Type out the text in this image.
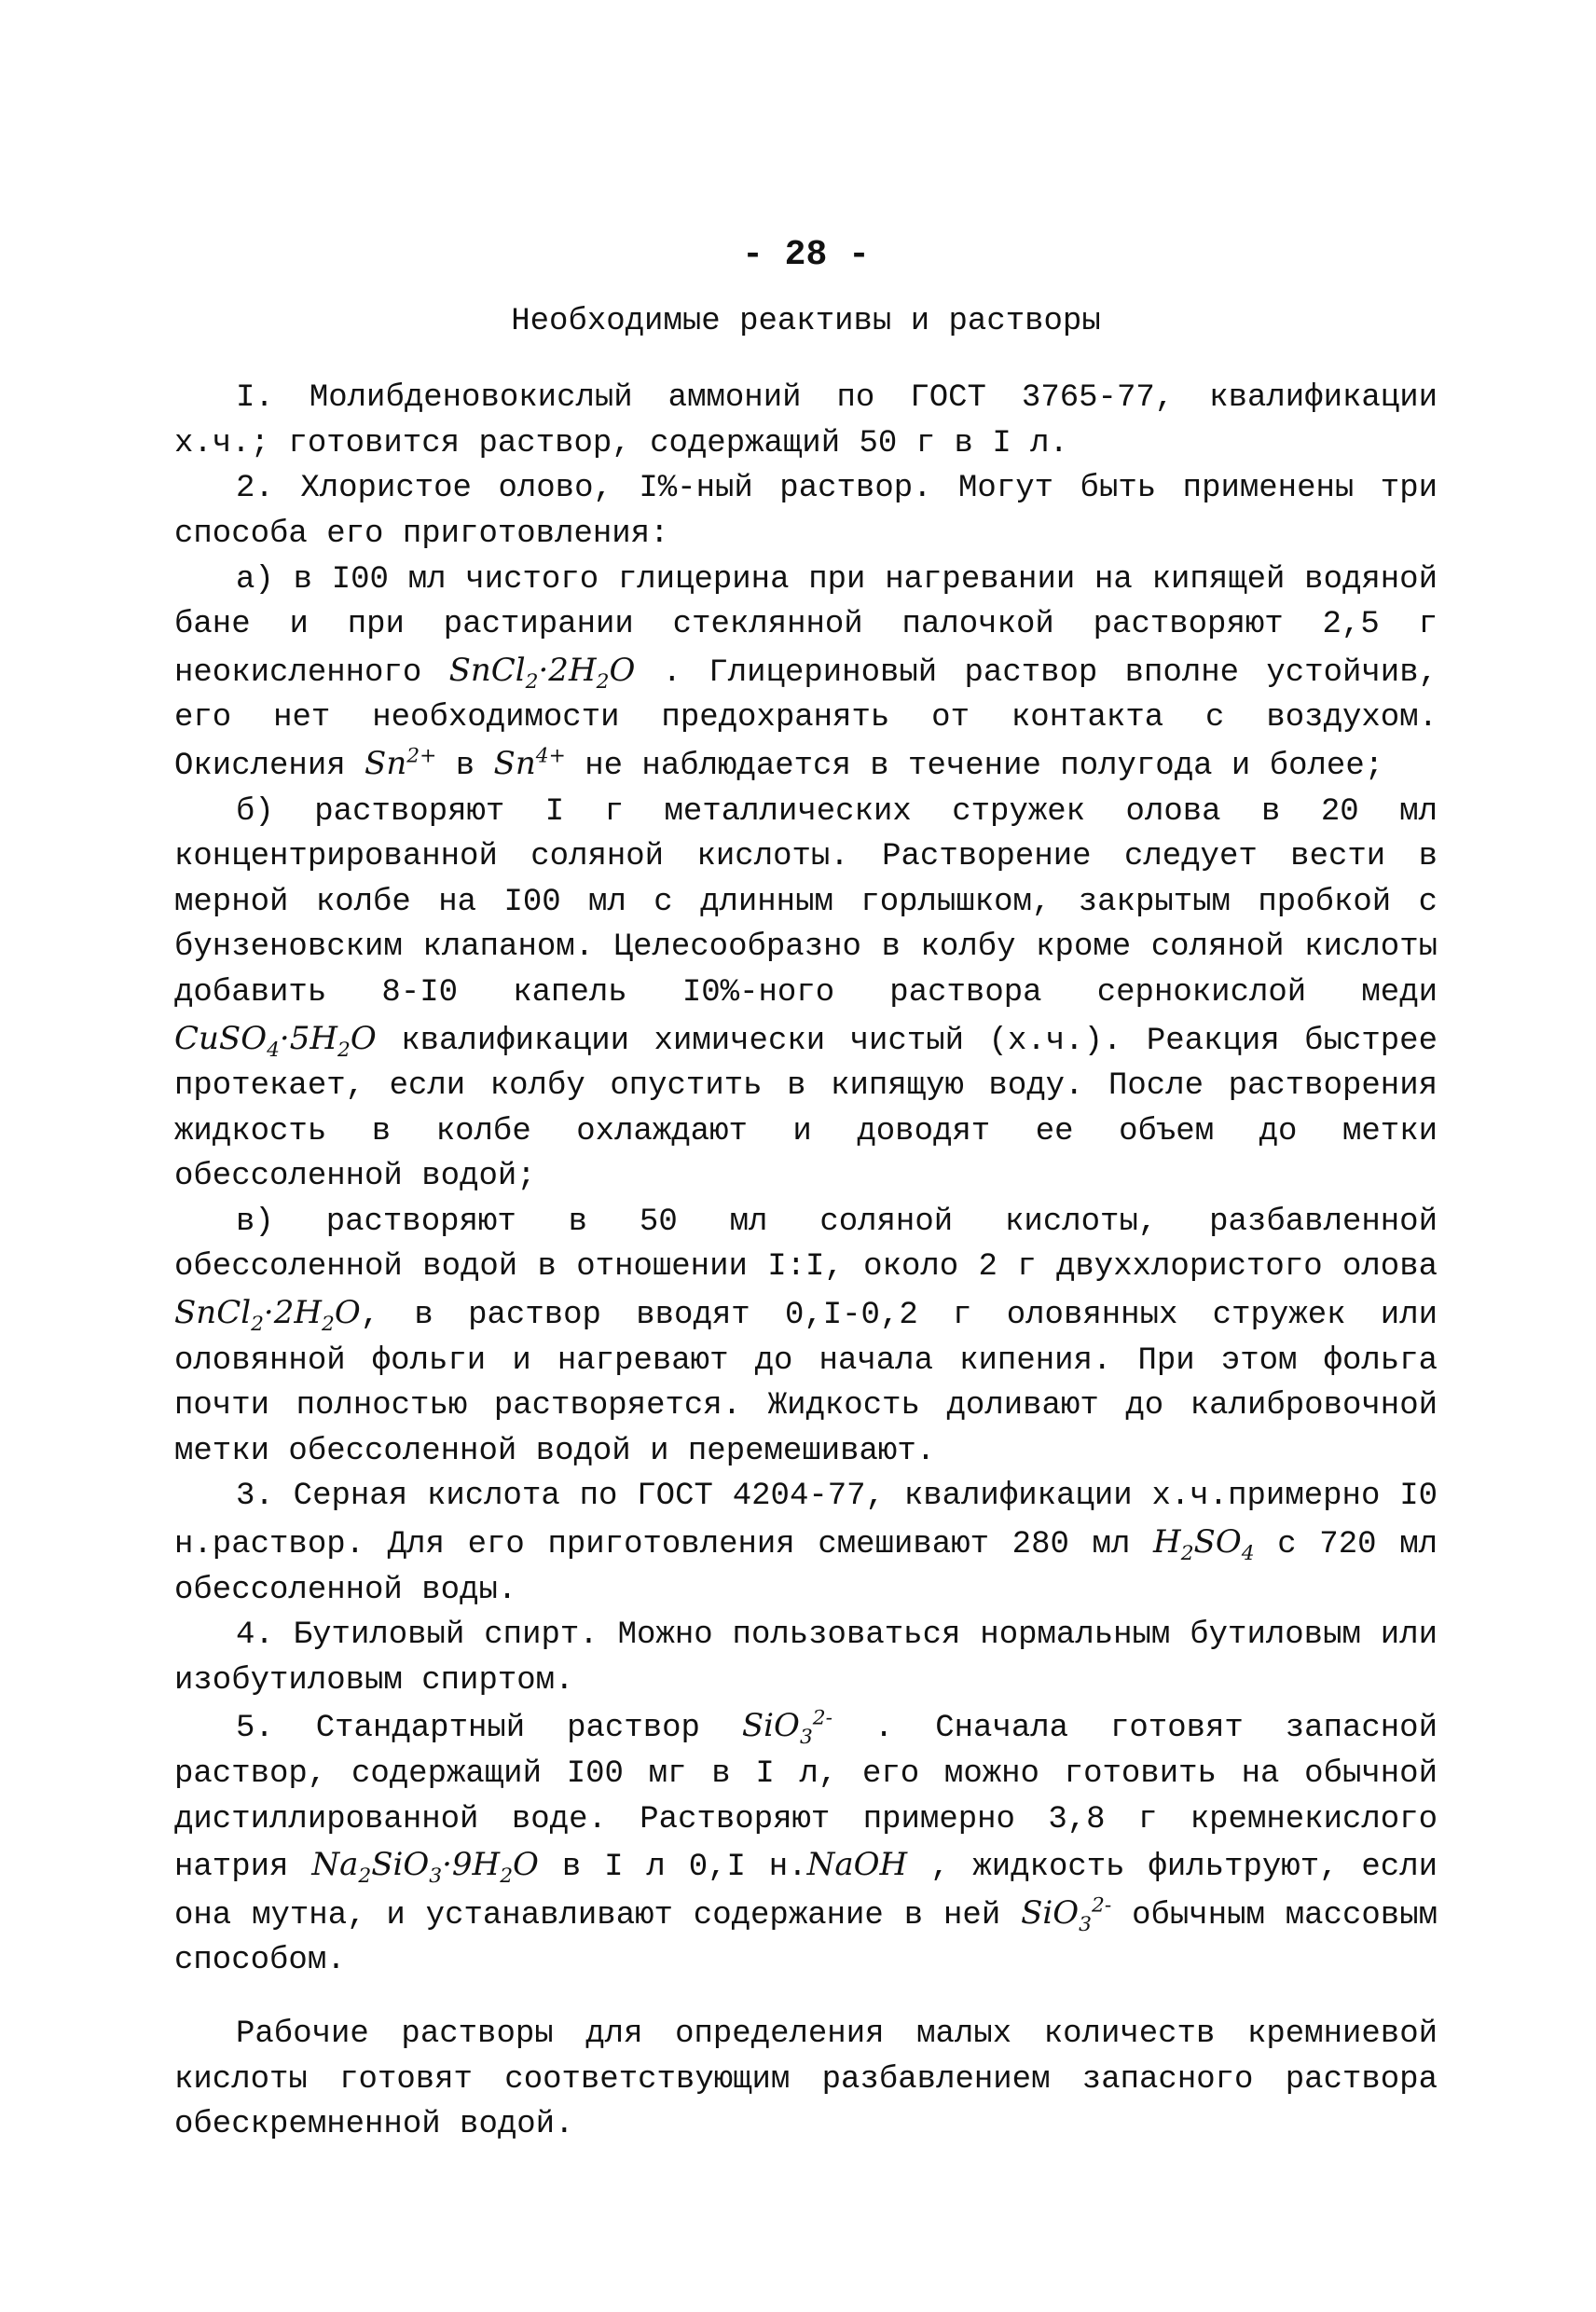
- 28 -
Необходимые реактивы и растворы

I. Молибденовокислый аммоний по ГОСТ 3765-77, квалификации х.ч.; готовится раствор, содержащий 50 г в I л.

2. Хлористое олово, I%-ный раствор. Могут быть применены три способа его приготовления:

а) в I00 мл чистого глицерина при нагревании на кипящей водяной бане и при растирании стеклянной палочкой растворяют 2,5 г неокисленного $SnCl_2\cdot 2H_2O$ . Глицериновый раствор вполне устойчив, его нет необходимости предохранять от контакта с воздухом. Окисления $Sn^{2+}$ в $Sn^{4+}$ не наблюдается в течение полугода и более;

б) растворяют I г металлических стружек олова в 20 мл концентрированной соляной кислоты. Растворение следует вести в мерной колбе на I00 мл с длинным горлышком, закрытым пробкой с бунзеновским клапаном. Целесообразно в колбу кроме соляной кислоты добавить 8-I0 капель I0%-ного раствора сернокислой меди $CuSO_4\cdot 5H_2O$ квалификации химически чистый (х.ч.). Реакция быстрее протекает, если колбу опустить в кипящую воду. После растворения жидкость в колбе охлаждают и доводят ее объем до метки обессоленной водой;

в) растворяют в 50 мл соляной кислоты, разбавленной обессоленной водой в отношении I:I, около 2 г двуххлористого олова $SnCl_2\cdot 2H_2O$, в раствор вводят 0,I-0,2 г оловянных стружек или оловянной фольги и нагревают до начала кипения. При этом фольга почти полностью растворяется. Жидкость доливают до калибровочной метки обессоленной водой и перемешивают.

3. Серная кислота по ГОСТ 4204-77, квалификации х.ч.примерно I0 н.раствор. Для его приготовления смешивают 280 мл $H_2SO_4$ с 720 мл обессоленной воды.

4. Бутиловый спирт. Можно пользоваться нормальным бутиловым или изобутиловым спиртом.

5. Стандартный раствор SiO$_3^{2-}$ . Сначала готовят запасной раствор, содержащий I00 мг в I л, его можно готовить на обычной дистиллированной воде. Растворяют примерно 3,8 г кремнекислого натрия $Na_2SiO_3\cdot 9H_2O$ в I л 0,I н.NaOH , жидкость фильтруют, если она мутна, и устанавливают содержание в ней SiO$_3^{2-}$ обычным массовым способом.

Рабочие растворы для определения малых количеств кремниевой кислоты готовят соответствующим разбавлением запасного раствора обескремненной водой.
